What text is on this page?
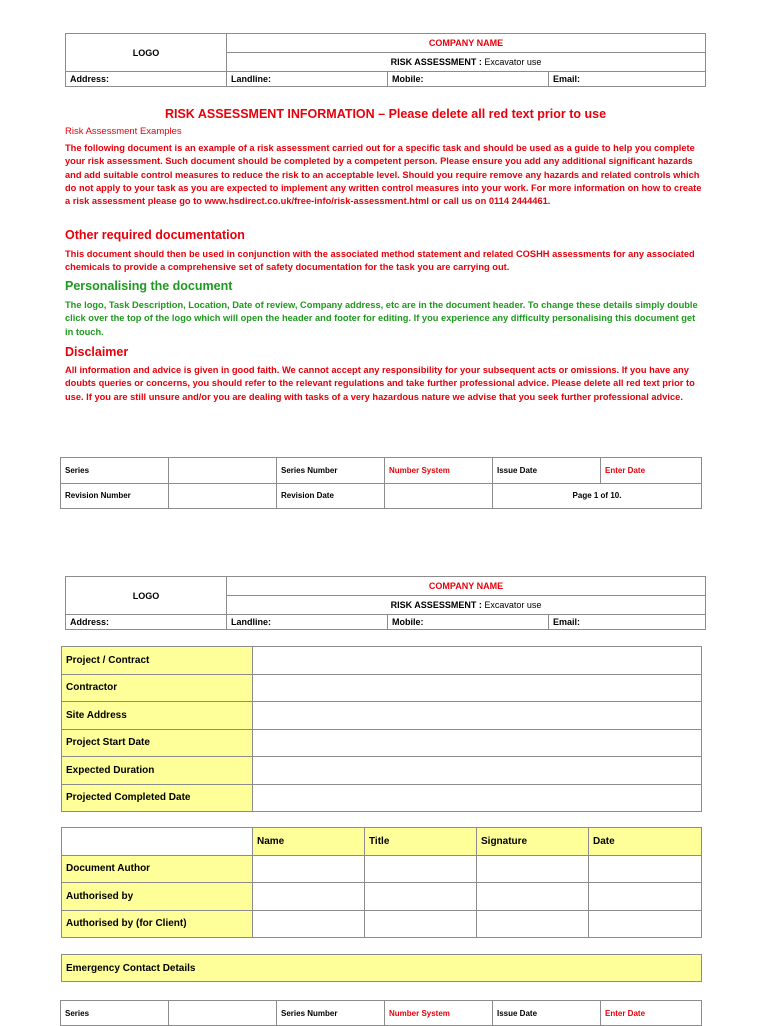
LOGO	COMPANY NAME		
	RISK ASSESSMENT : Excavator use		
Address:	Landline:	Mobile:	Email:
RISK ASSESSMENT INFORMATION – Please delete all red text prior to use
Risk Assessment Examples

The following document is an example of a risk assessment carried out for a specific task and should be used as a guide to help you complete your risk assessment. Such document should be completed by a competent person. Please ensure you add any additional significant hazards and add suitable control measures to reduce the risk to an acceptable level. Should you require remove any hazards and related controls which do not apply to your task as you are expected to implement any written control measures into your work. For more information on how to create a risk assessment please go to www.hsdirect.co.uk/free-info/risk-assessment.html or call us on 0114 2444461.

Other required documentation

This document should then be used in conjunction with the associated method statement and related COSHH assessments for any associated chemicals to provide a comprehensive set of safety documentation for the task you are carrying out.

Personalising the document

The logo, Task Description, Location, Date of review, Company address, etc are in the document header. To change these details simply double click over the top of the logo which will open the header and footer for editing. If you experience any difficulty personalising this document get in touch.

Disclaimer

All information and advice is given in good faith. We cannot accept any responsibility for your subsequent acts or omissions. If you have any doubts queries or concerns, you should refer to the relevant regulations and take further professional advice. Please delete all red text prior to use. If you are still unsure and/or you are dealing with tasks of a very hazardous nature we advise that you seek further professional advice.

Series		Series Number	Number System	Issue Date	Enter Date
Revision Number		Revision Date		Page 1 of 10.	
LOGO	COMPANY NAME		
	RISK ASSESSMENT : Excavator use		
Address:	Landline:	Mobile:	Email:
Project / Contract	
Contractor	
Site Address	
Project Start Date	
Expected Duration	
Projected Completed Date	
	Name	Title	Signature	Date
Document Author				
Authorised by				
Authorised by (for Client)				
Emergency Contact Details
Series		Series Number	Number System	Issue Date	Enter Date
